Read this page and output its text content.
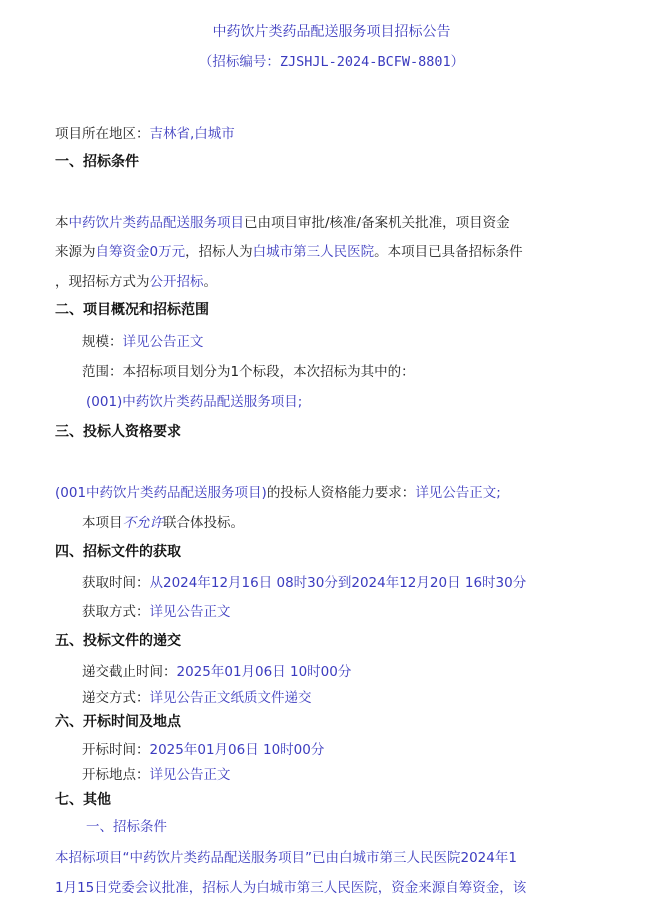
中药饮片类药品配送服务项目招标公告
（招标编号：ZJSHJL-2024-BCFW-8801）
项目所在地区：吉林省,白城市
一、招标条件
本中药饮片类药品配送服务项目已由项目审批/核准/备案机关批准，项目资金
来源为自筹资金0万元，招标人为白城市第三人民医院。本项目已具备招标条件
，现招标方式为公开招标。
二、项目概况和招标范围
规模：详见公告正文
范围：本招标项目划分为1个标段，本次招标为其中的：
(001)中药饮片类药品配送服务项目;
三、投标人资格要求
(001中药饮片类药品配送服务项目)的投标人资格能力要求：详见公告正文;
本项目不允许联合体投标。
四、招标文件的获取
获取时间：从2024年12月16日 08时30分到2024年12月20日 16时30分
获取方式：详见公告正文
五、投标文件的递交
递交截止时间：2025年01月06日 10时00分
递交方式：详见公告正文纸质文件递交
六、开标时间及地点
开标时间：2025年01月06日 10时00分
开标地点：详见公告正文
七、其他
一、招标条件
本招标项目“中药饮片类药品配送服务项目”已由白城市第三人民医院2024年1
1月15日党委会议批准，招标人为白城市第三人民医院，资金来源自筹资金，该
